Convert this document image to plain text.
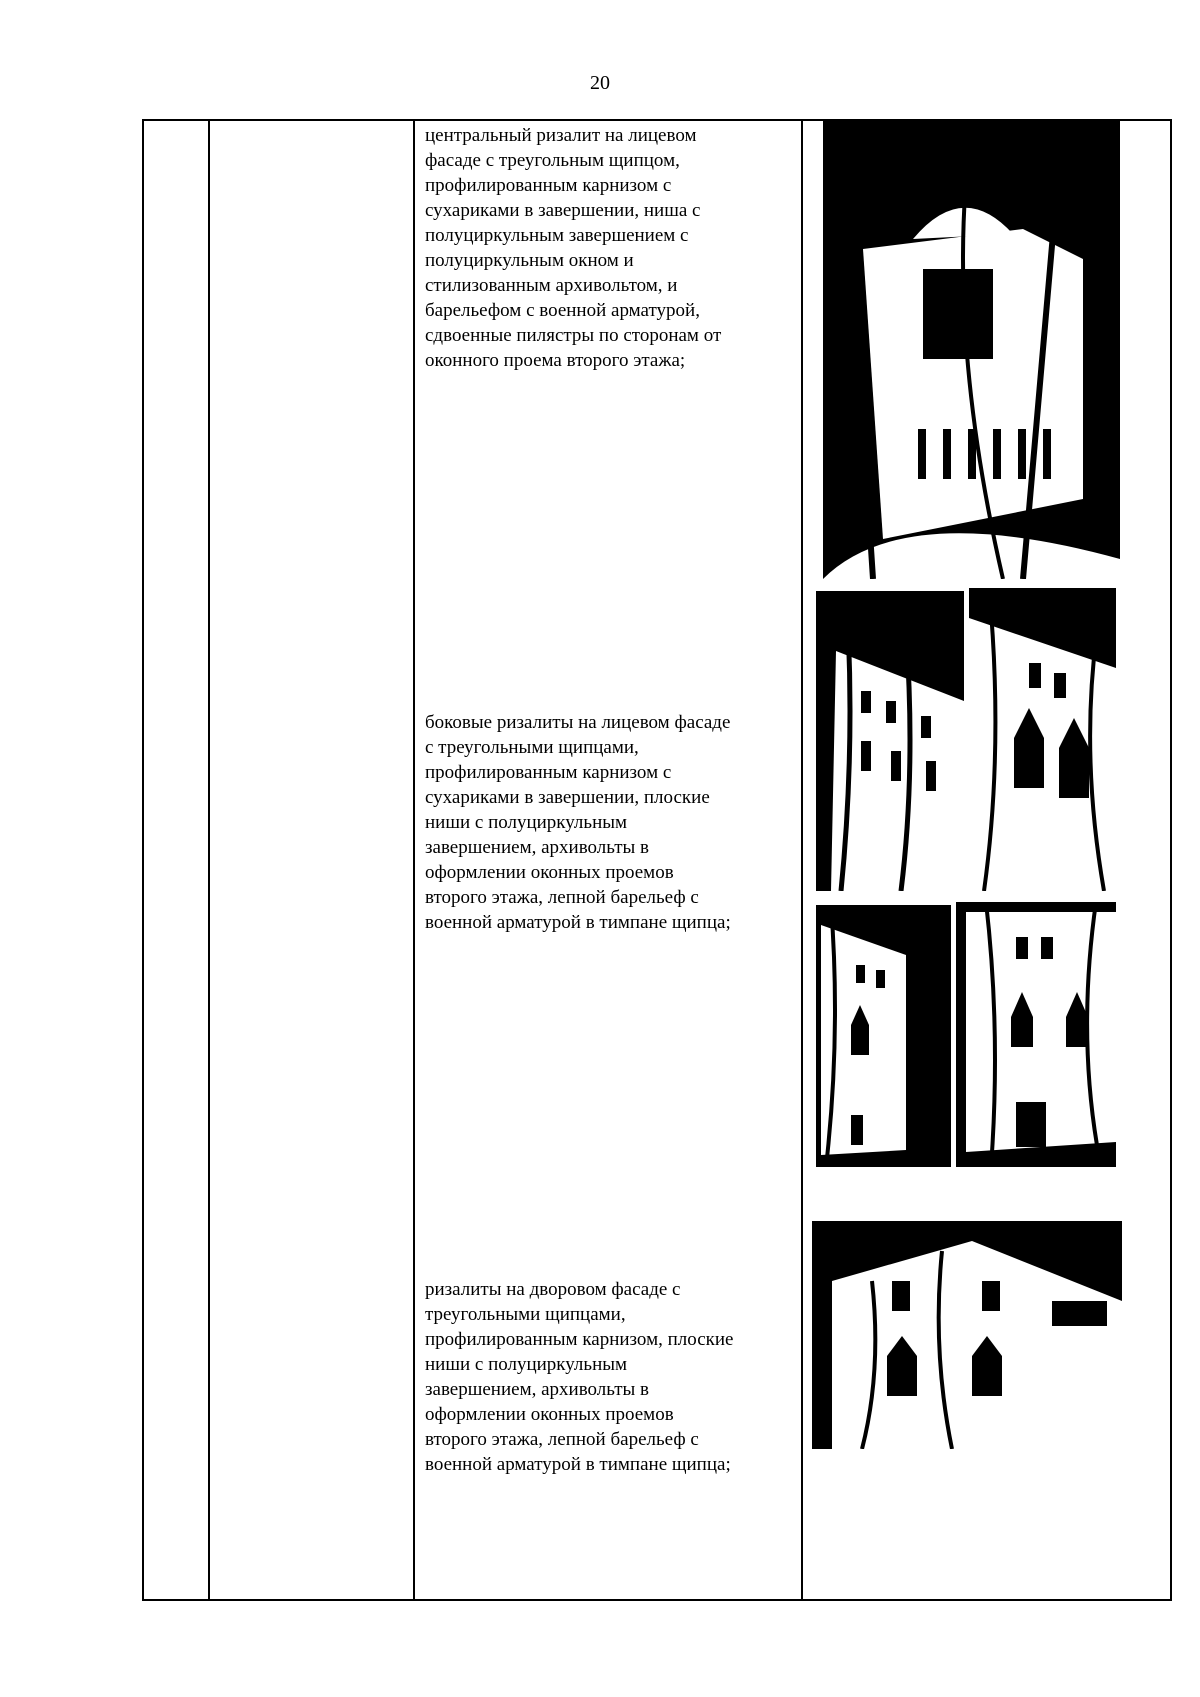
20
центральный ризалит на лицевом
фасаде с треугольным щипцом,
профилированным карнизом с
сухариками в завершении, ниша с
полуциркульным завершением с
полуциркульным окном и
стилизованным архивольтом, и
барельефом с военной арматурой,
сдвоенные пилястры по сторонам от
оконного проема второго этажа;
боковые ризалиты на лицевом фасаде
с треугольными щипцами,
профилированным карнизом с
сухариками в завершении, плоские
ниши с полуциркульным
завершением, архивольты в
оформлении оконных проемов
второго этажа, лепной барельеф с
военной арматурой в тимпане щипца;
ризалиты на дворовом фасаде с
треугольными щипцами,
профилированным карнизом, плоские
ниши с полуциркульным
завершением, архивольты в
оформлении оконных проемов
второго этажа, лепной барельеф с
военной арматурой в тимпане щипца;
